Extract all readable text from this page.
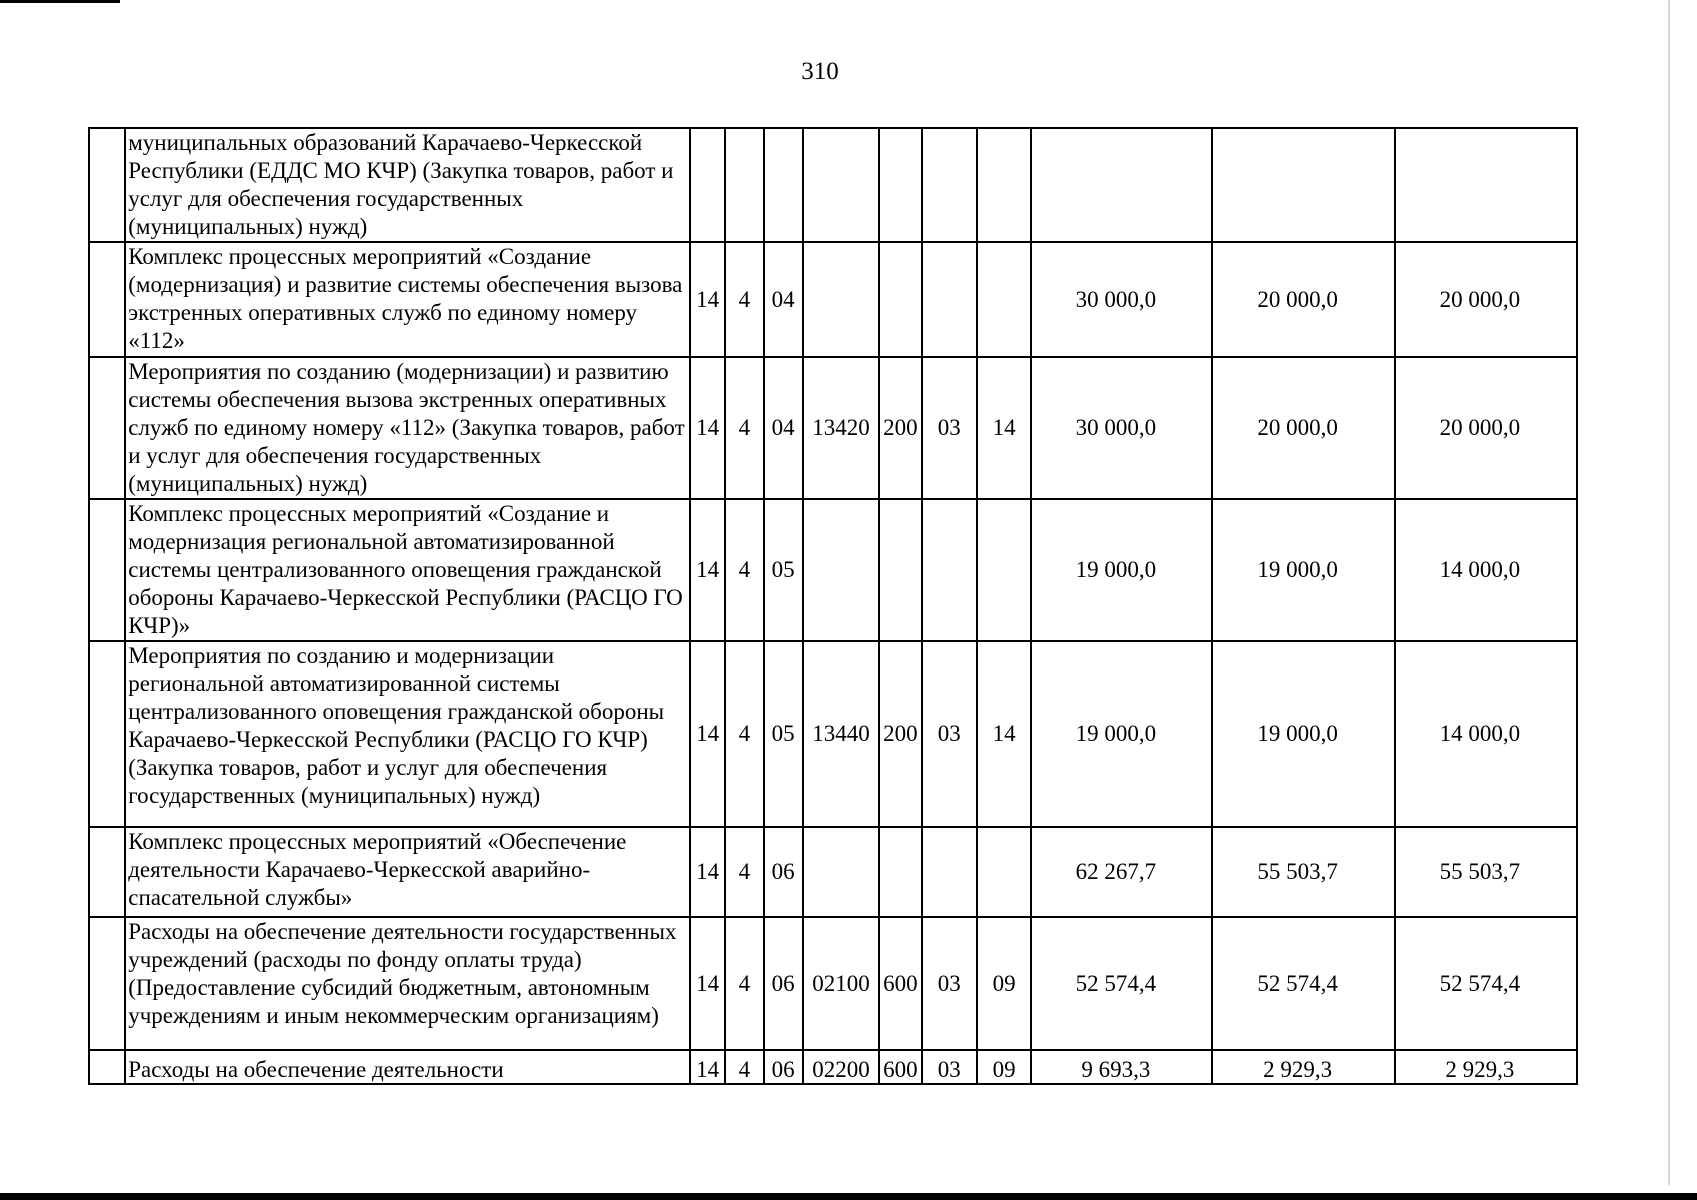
310
	муниципальных образований Карачаево-Черкесской Республики (ЕДДС МО КЧР) (Закупка товаров, работ и услуг для обеспечения государственных (муниципальных) нужд)										
	Комплекс процессных мероприятий «Создание (модернизация) и развитие системы обеспечения вызова экстренных оперативных служб по единому номеру «112»	14	4	04					30 000,0	20 000,0	20 000,0
	Мероприятия по созданию (модернизации) и развитию системы обеспечения вызова экстренных оперативных служб по единому номеру «112» (Закупка товаров, работ и услуг для обеспечения государственных (муниципальных) нужд)	14	4	04	13420	200	03	14	30 000,0	20 000,0	20 000,0
	Комплекс процессных мероприятий «Создание и модернизация региональной автоматизированной системы централизованного оповещения гражданской обороны Карачаево-Черкесской Республики (РАСЦО ГО КЧР)»	14	4	05					19 000,0	19 000,0	14 000,0
	Мероприятия по созданию и модернизации региональной автоматизированной системы централизованного оповещения гражданской обороны Карачаево-Черкесской Республики (РАСЦО ГО КЧР) (Закупка товаров, работ и услуг для обеспечения государственных (муниципальных) нужд)	14	4	05	13440	200	03	14	19 000,0	19 000,0	14 000,0
	Комплекс процессных мероприятий «Обеспечение деятельности Карачаево-Черкесской аварийно-спасательной службы»	14	4	06					62 267,7	55 503,7	55 503,7
	Расходы на обеспечение деятельности государственных учреждений (расходы по фонду оплаты труда) (Предоставление субсидий бюджетным, автономным учреждениям и иным некоммерческим организациям)	14	4	06	02100	600	03	09	52 574,4	52 574,4	52 574,4
	Расходы на обеспечение деятельности	14	4	06	02200	600	03	09	9 693,3	2 929,3	2 929,3
